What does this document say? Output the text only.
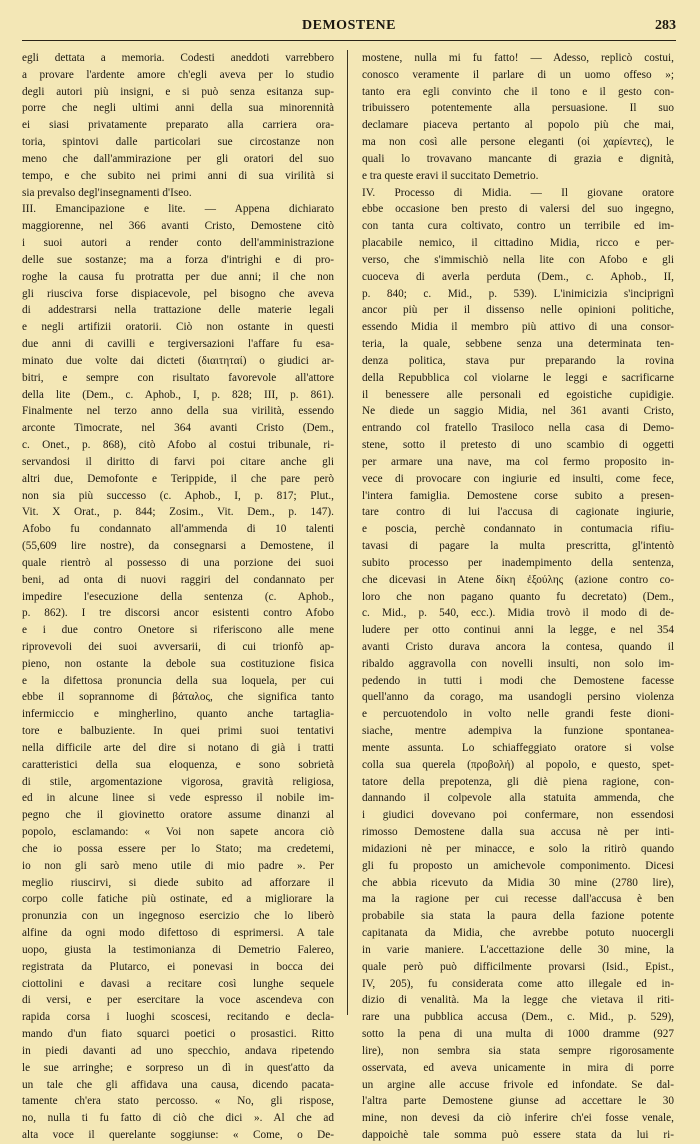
DEMOSTENE	283
egli dettata a memoria. Codesti aneddoti varrebbero
a provare l'ardente amore ch'egli aveva per lo studio
degli autori più insigni, e si può senza esitanza sup-
porre che negli ultimi anni della sua minorennità
ei siasi privatamente preparato alla carriera ora-
toria, spintovi dalle particolari sue circostanze non
meno che dall'ammirazione per gli oratori del suo
tempo, e che subito nei primi anni di sua virilità si
sia prevalso degl'insegnamenti d'Iseo.
III. Emancipazione e lite. — Appena dichiarato
maggiorenne, nel 366 avanti Cristo, Demostene citò
i suoi autori a render conto dell'amministrazione
delle sue sostanze; ma a forza d'intrighi e di pro-
roghe la causa fu protratta per due anni; il che non
gli riusciva forse dispiacevole, pel bisogno che aveva
di addestrarsi nella trattazione delle materie legali
e negli artifizii oratorii. Ciò non ostante in questi
due anni di cavilli e tergiversazioni l'affare fu esa-
minato due volte dai dicteti (διαιτηταί) o giudici ar-
bitri, e sempre con risultato favorevole all'attore
della lite (Dem., c. Aphob., I, p. 828; III, p. 861).
Finalmente nel terzo anno della sua virilità, essendo
arconte Timocrate, nel 364 avanti Cristo (Dem.,
c. Onet., p. 868), citò Afobo al costui tribunale, ri-
servandosi il diritto di farvi poi citare anche gli
altri due, Demofonte e Terippide, il che pare però
non sia più successo (c. Aphob., I, p. 817; Plut.,
Vit. X Orat., p. 844; Zosim., Vit. Dem., p. 147).
Afobo fu condannato all'ammenda di 10 talenti
(55,609 lire nostre), da consegnarsi a Demostene, il
quale rientrò al possesso di una porzione dei suoi
beni, ad onta di nuovi raggiri del condannato per
impedire l'esecuzione della sentenza (c. Aphob.,
p. 862). I tre discorsi ancor esistenti contro Afobo
e i due contro Onetore si riferiscono alle mene
riprovevoli dei suoi avversarii, di cui trionfò ap-
pieno, non ostante la debole sua costituzione fisica
e la difettosa pronuncia della sua loquela, per cui
ebbe il soprannome di βάταλος, che significa tanto
infermiccio e mingherlino, quanto anche tartaglia-
tore e balbuziente. In quei primi suoi tentativi
nella difficile arte del dire si notano di già i tratti
caratteristici della sua eloquenza, e sono sobrietà
di stile, argomentazione vigorosa, gravità religiosa,
ed in alcune linee si vede espresso il nobile im-
pegno che il giovinetto oratore assume dinanzi al
popolo, esclamando: « Voi non sapete ancora ciò
che io possa essere per lo Stato; ma credetemi,
io non gli sarò meno utile di mio padre ». Per
meglio riuscirvi, si diede subito ad afforzare il
corpo colle fatiche più ostinate, ed a migliorare la
pronunzia con un ingegnoso esercizio che lo liberò
alfine da ogni modo difettoso di esprimersi. A tale
uopo, giusta la testimonianza di Demetrio Falereo,
registrata da Plutarco, ei ponevasi in bocca dei
ciottolini e davasi a recitare così lunghe sequele
di versi, e per esercitare la voce ascendeva con
rapida corsa i luoghi scoscesi, recitando e decla-
mando d'un fiato squarci poetici o prosastici. Ritto
in piedi davanti ad uno specchio, andava ripetendo
le sue arringhe; e sorpreso un dì in quest'atto da
un tale che gli affidava una causa, dicendo pacata-
tamente ch'era stato percosso. « No, gli rispose,
no, nulla ti fu fatto di ciò che dici ». Al che ad
alta voce il querelante soggiunse: « Come, o De-
mostene, nulla mi fu fatto! — Adesso, replicò costui,
conosco veramente il parlare di un uomo offeso »;
tanto era egli convinto che il tono e il gesto con-
tribuissero potentemente alla persuasione. Il suo
declamare piaceva pertanto al popolo più che mai,
ma non così alle persone eleganti (οἱ χαρίεντες), le
quali lo trovavano mancante di grazia e dignità,
e tra queste eravi il succitato Demetrio.
IV. Processo di Midia. — Il giovane oratore
ebbe occasione ben presto di valersi del suo ingegno,
con tanta cura coltivato, contro un terribile ed im-
placabile nemico, il cittadino Midia, ricco e per-
verso, che s'immischiò nella lite con Afobo e gli
cuoceva di averla perduta (Dem., c. Aphob., II,
p. 840; c. Mid., p. 539). L'inimicizia s'inciprignì
ancor più per il dissenso nelle opinioni politiche,
essendo Midia il membro più attivo di una consor-
teria, la quale, sebbene senza una determinata ten-
denza politica, stava pur preparando la rovina
della Repubblica col violarne le leggi e sacrificarne
il benessere alle personali ed egoistiche cupidigie.
Ne diede un saggio Midia, nel 361 avanti Cristo,
entrando col fratello Trasiloco nella casa di Demo-
stene, sotto il pretesto di uno scambio di oggetti
per armare una nave, ma col fermo proposito in-
vece di provocare con ingiurie ed insulti, come fece,
l'intera famiglia. Demostene corse subito a presen-
tare contro di lui l'accusa di cagionate ingiurie,
e poscia, perchè condannato in contumacia rifiu-
tavasi di pagare la multa prescritta, gl'intentò
subito processo per inadempimento della sentenza,
che dicevasi in Atene δίκη ἐξούλης (azione contro co-
loro che non pagano quanto fu decretato) (Dem.,
c. Mid., p. 540, ecc.). Midia trovò il modo di de-
ludere per otto continui anni la legge, e nel 354
avanti Cristo durava ancora la contesa, quando il
ribaldo aggravolla con novelli insulti, non solo im-
pedendo in tutti i modi che Demostene facesse
quell'anno da corago, ma usandogli persino violenza
e percuotendolo in volto nelle grandi feste dioni-
siache, mentre adempiva la funzione spontanea-
mente assunta. Lo schiaffeggiato oratore si volse
colla sua querela (προβολή) al popolo, e questo, spet-
tatore della prepotenza, gli diè piena ragione, con-
dannando il colpevole alla statuita ammenda, che
i giudici dovevano poi confermare, non essendosi
rimosso Demostene dalla sua accusa nè per inti-
midazioni nè per minacce, e solo la ritirò quando
gli fu proposto un amichevole componimento. Dicesi
che abbia ricevuto da Midia 30 mine (2780 lire),
ma la ragione per cui recesse dall'accusa è ben
probabile sia stata la paura della fazione potente
capitanata da Midia, che avrebbe potuto nuocergli
in varie maniere. L'accettazione delle 30 mine, la
quale però può difficilmente provarsi (Isid., Epist.,
IV, 205), fu considerata come atto illegale ed in-
dizio di venalità. Ma la legge che vietava il riti-
rare una pubblica accusa (Dem., c. Mid., p. 529),
sotto la pena di una multa di 1000 dramme (927
lire), non sembra sia stata sempre rigorosamente
osservata, ed aveva unicamente in mira di porre
un argine alle accuse frivole ed infondate. Se dal-
l'altra parte Demostene giunse ad accettare le 30
mine, non devesi da ciò inferire ch'ei fosse venale,
dappoichè tale somma può essere stata da lui ri-
